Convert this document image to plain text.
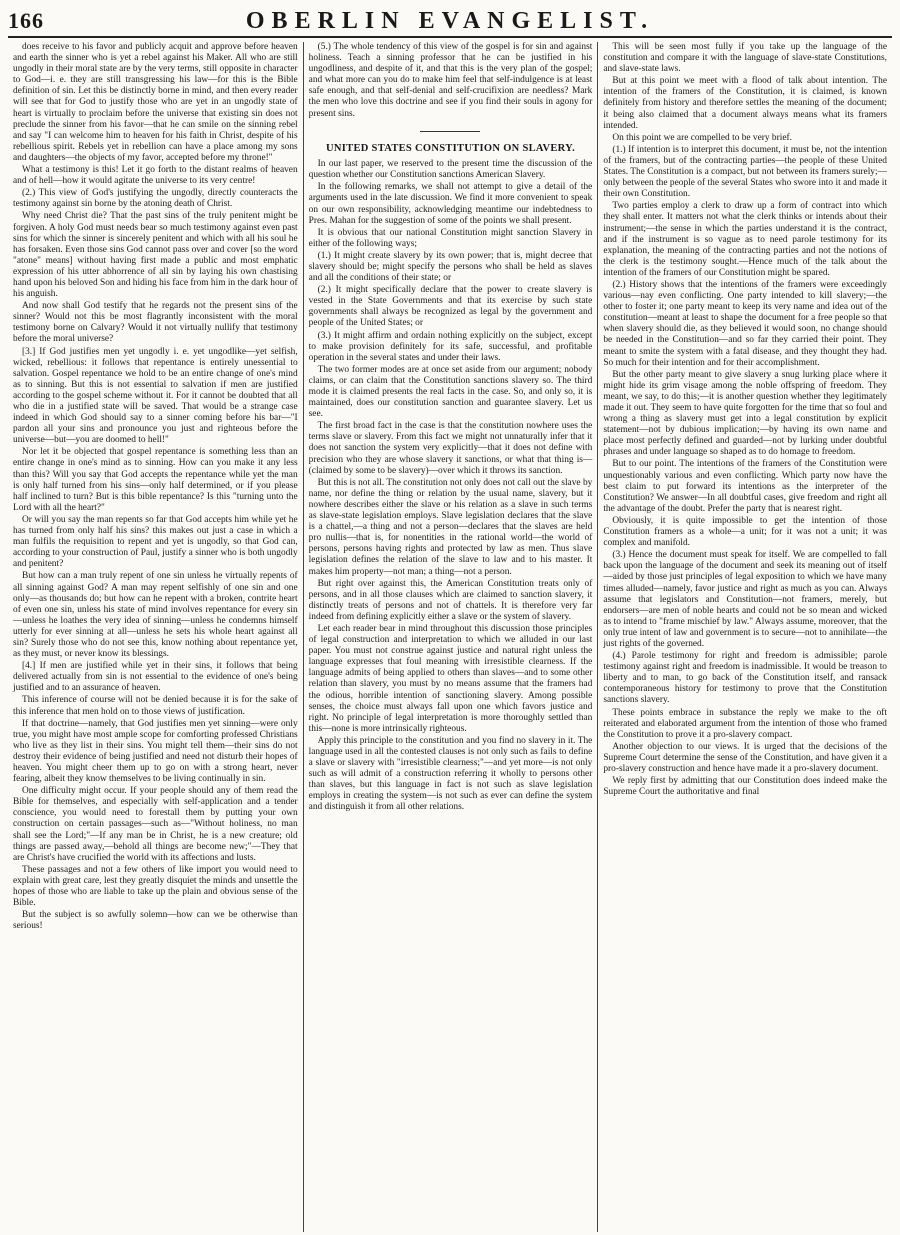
166	OBERLIN EVANGELIST.

does receive to his favor and publicly acquit and approve before heaven and earth the sinner who is yet a rebel against his Maker. All who are still ungodly in their moral state are by the very terms, still opposite in character to God—i. e. they are still transgressing his law—for this is the Bible definition of sin. Let this be distinctly borne in mind, and then every reader will see that for God to justify those who are yet in an ungodly state of heart is virtually to proclaim before the universe that existing sin does not preclude the sinner from his favor—that he can smile on the sinning rebel and say "I can welcome him to heaven for his faith in Christ, despite of his rebellious spirit. Rebels yet in rebellion can have a place among my sons and daughters—the objects of my favor, accepted before my throne!"

What a testimony is this! Let it go forth to the distant realms of heaven and of hell—how it would agitate the universe to its very centre!

(2.) This view of God's justifying the ungodly, directly counteracts the testimony against sin borne by the atoning death of Christ.

Why need Christ die? That the past sins of the truly penitent might be forgiven. A holy God must needs bear so much testimony against even past sins for which the sinner is sincerely penitent and which with all his soul he has forsaken. Even those sins God cannot pass over and cover [so the word "atone" means] without having first made a public and most emphatic expression of his utter abhorrence of all sin by laying his own chastising hand upon his beloved Son and hiding his face from him in the dark hour of his anguish.

And now shall God testify that he regards not the present sins of the sinner? Would not this be most flagrantly inconsistent with the moral testimony borne on Calvary? Would it not virtually nullify that testimony before the moral universe?

[3.] If God justifies men yet ungodly i. e. yet ungodlike—yet selfish, wicked, rebellious: it follows that repentance is entirely unessential to salvation. Gospel repentance we hold to be an entire change of one's mind as to sinning. But this is not essential to salvation if men are justified according to the gospel scheme without it. For it cannot be doubted that all who die in a justified state will be saved. That would be a strange case indeed in which God should say to a sinner coming before his bar—"I pardon all your sins and pronounce you just and righteous before the universe—but—you are doomed to hell!"

Nor let it be objected that gospel repentance is something less than an entire change in one's mind as to sinning. How can you make it any less than this? Will you say that God accepts the repentance while yet the man is only half turned from his sins—only half determined, or if you please half inclined to turn? But is this bible repentance? Is this "turning unto the Lord with all the heart?"

Or will you say the man repents so far that God accepts him while yet he has turned from only half his sins? this makes out just a case in which a man fulfils the requisition to repent and yet is ungodly, so that God can, according to your construction of Paul, justify a sinner who is both ungodly and penitent?

But how can a man truly repent of one sin unless he virtually repents of all sinning against God? A man may repent selfishly of one sin and one only—as thousands do; but how can he repent with a broken, contrite heart of even one sin, unless his state of mind involves repentance for every sin—unless he loathes the very idea of sinning—unless he condemns himself utterly for ever sinning at all—unless he sets his whole heart against all sin? Surely those who do not see this, know nothing about repentance yet, as they must, or never know its blessings.

[4.] If men are justified while yet in their sins, it follows that being delivered actually from sin is not essential to the evidence of one's being justified and to an assurance of heaven.

This inference of course will not be denied because it is for the sake of this inference that men hold on to those views of justification.

If that doctrine—namely, that God justifies men yet sinning—were only true, you might have most ample scope for comforting professed Christians who live as they list in their sins. You might tell them—their sins do not destroy their evidence of being justified and need not disturb their hopes of heaven. You might cheer them up to go on with a strong heart, never fearing, albeit they know themselves to be living continually in sin.

One difficulty might occur. If your people should any of them read the Bible for themselves, and especially with self-application and a tender conscience, you would need to forestall them by putting your own construction on certain passages—such as—"Without holiness, no man shall see the Lord;"—If any man be in Christ, he is a new creature; old things are passed away,—behold all things are become new;"—They that are Christ's have crucified the world with its affections and lusts.

These passages and not a few others of like import you would need to explain with great care, lest they greatly disquiet the minds and unsettle the hopes of those who are liable to take up the plain and obvious sense of the Bible.

But the subject is so awfully solemn—how can we be otherwise than serious!

(5.) The whole tendency of this view of the gospel is for sin and against holiness. Teach a sinning professor that he can be justified in his ungodliness, and despite of it, and that this is the very plan of the gospel; and what more can you do to make him feel that self-indulgence is at least safe enough, and that self-denial and self-crucifixion are needless? Mark the men who love this doctrine and see if you find their souls in agony for present sins.

UNITED STATES CONSTITUTION ON SLAVERY.

In our last paper, we reserved to the present time the discussion of the question whether our Constitution sanctions American Slavery.

In the following remarks, we shall not attempt to give a detail of the arguments used in the late discussion. We find it more convenient to speak on our own responsibility, acknowledging meantime our indebtedness to Pres. Mahan for the suggestion of some of the points we shall present.

It is obvious that our national Constitution might sanction Slavery in either of the following ways;

(1.) It might create slavery by its own power; that is, might decree that slavery should be; might specify the persons who shall be held as slaves and all the conditions of their state; or

(2.) It might specifically declare that the power to create slavery is vested in the State Governments and that its exercise by such state governments shall always be recognized as legal by the government and people of the United States; or

(3.) It might affirm and ordain nothing explicitly on the subject, except to make provision definitely for its safe, successful, and profitable operation in the several states and under their laws.

The two former modes are at once set aside from our argument; nobody claims, or can claim that the Constitution sanctions slavery so. The third mode it is claimed presents the real facts in the case. So, and only so, it is maintained, does our constitution sanction and guarantee slavery. Let us see.

The first broad fact in the case is that the constitution nowhere uses the terms slave or slavery. From this fact we might not unnaturally infer that it does not sanction the system very explicitly—that it does not define with precision who they are whose slavery it sanctions, or what that thing is—(claimed by some to be slavery)—over which it throws its sanction.

But this is not all. The constitution not only does not call out the slave by name, nor define the thing or relation by the usual name, slavery, but it nowhere describes either the slave or his relation as a slave in such terms as slave-state legislation employs. Slave legislation declares that the slave is a chattel,—a thing and not a person—declares that the slaves are held pro nullis—that is, for nonentities in the rational world—the world of persons, persons having rights and protected by law as men. Thus slave legislation defines the relation of the slave to law and to his master. It makes him property—not man; a thing—not a person.

But right over against this, the American Constitution treats only of persons, and in all those clauses which are claimed to sanction slavery, it distinctly treats of persons and not of chattels. It is therefore very far indeed from defining explicitly either a slave or the system of slavery.

Let each reader bear in mind throughout this discussion those principles of legal construction and interpretation to which we alluded in our last paper. You must not construe against justice and natural right unless the language expresses that foul meaning with irresistible clearness. If the language admits of being applied to others than slaves—and to some other relation than slavery, you must by no means assume that the framers had the odious, horrible intention of sanctioning slavery. Among possible senses, the choice must always fall upon one which favors justice and right. No principle of legal interpretation is more thoroughly settled than this—none is more intrinsically righteous.

Apply this principle to the constitution and you find no slavery in it. The language used in all the contested clauses is not only such as fails to define a slave or slavery with "irresistible clearness;"—and yet more—is not only such as will admit of a construction referring it wholly to persons other than slaves, but this language in fact is not such as slave legislation employs in creating the system—is not such as ever can define the system and distinguish it from all other relations.

This will be seen most fully if you take up the language of the constitution and compare it with the language of slave-state Constitutions, and slave-state laws.

But at this point we meet with a flood of talk about intention. The intention of the framers of the Constitution, it is claimed, is known definitely from history and therefore settles the meaning of the document; it being also claimed that a document always means what its framers intended.

On this point we are compelled to be very brief.

(1.) If intention is to interpret this document, it must be, not the intention of the framers, but of the contracting parties—the people of these United States. The Constitution is a compact, but not between its framers surely;—only between the people of the several States who swore into it and made it their own Constitution.

Two parties employ a clerk to draw up a form of contract into which they shall enter. It matters not what the clerk thinks or intends about their instrument;—the sense in which the parties understand it is the contract, and if the instrument is so vague as to need parole testimony for its explanation, the meaning of the contracting parties and not the notions of the clerk is the testimony sought.—Hence much of the talk about the intention of the framers of our Constitution might be spared.

(2.) History shows that the intentions of the framers were exceedingly various—nay even conflicting. One party intended to kill slavery;—the other to foster it; one party meant to keep its very name and idea out of the constitution—meant at least to shape the document for a free people so that when slavery should die, as they believed it would soon, no change should be needed in the Constitution—and so far they carried their point. They meant to smite the system with a fatal disease, and they thought they had. So much for their intention and for their accomplishment.

But the other party meant to give slavery a snug lurking place where it might hide its grim visage among the noble offspring of freedom. They meant, we say, to do this;—it is another question whether they legitimately made it out. They seem to have quite forgotten for the time that so foul and wrong a thing as slavery must get into a legal constitution by explicit statement—not by dubious implication;—by having its own name and place most perfectly defined and guarded—not by lurking under doubtful phrases and under language so shaped as to do homage to freedom.

But to our point. The intentions of the framers of the Constitution were unquestionably various and even conflicting. Which party now have the best claim to put forward its intentions as the interpreter of the Constitution? We answer—In all doubtful cases, give freedom and right all the advantage of the doubt. Prefer the party that is nearest right.

Obviously, it is quite impossible to get the intention of those Constitution framers as a whole—a unit; for it was not a unit; it was complex and manifold.

(3.) Hence the document must speak for itself. We are compelled to fall back upon the language of the document and seek its meaning out of itself—aided by those just principles of legal exposition to which we have many times alluded—namely, favor justice and right as much as you can. Always assume that legislators and Constitution—not framers, merely, but endorsers—are men of noble hearts and could not be so mean and wicked as to intend to "frame mischief by law." Always assume, moreover, that the only true intent of law and government is to secure—not to annihilate—the just rights of the governed.

(4.) Parole testimony for right and freedom is admissible; parole testimony against right and freedom is inadmissible. It would be treason to liberty and to man, to go back of the Constitution itself, and ransack contemporaneous history for testimony to prove that the Constitution sanctions slavery.

These points embrace in substance the reply we make to the oft reiterated and elaborated argument from the intention of those who framed the Constitution to prove it a pro-slavery compact.

Another objection to our views. It is urged that the decisions of the Supreme Court determine the sense of the Constitution, and have given it a pro-slavery construction and hence have made it a pro-slavery document.

We reply first by admitting that our Constitution does indeed make the Supreme Court the authoritative and final
